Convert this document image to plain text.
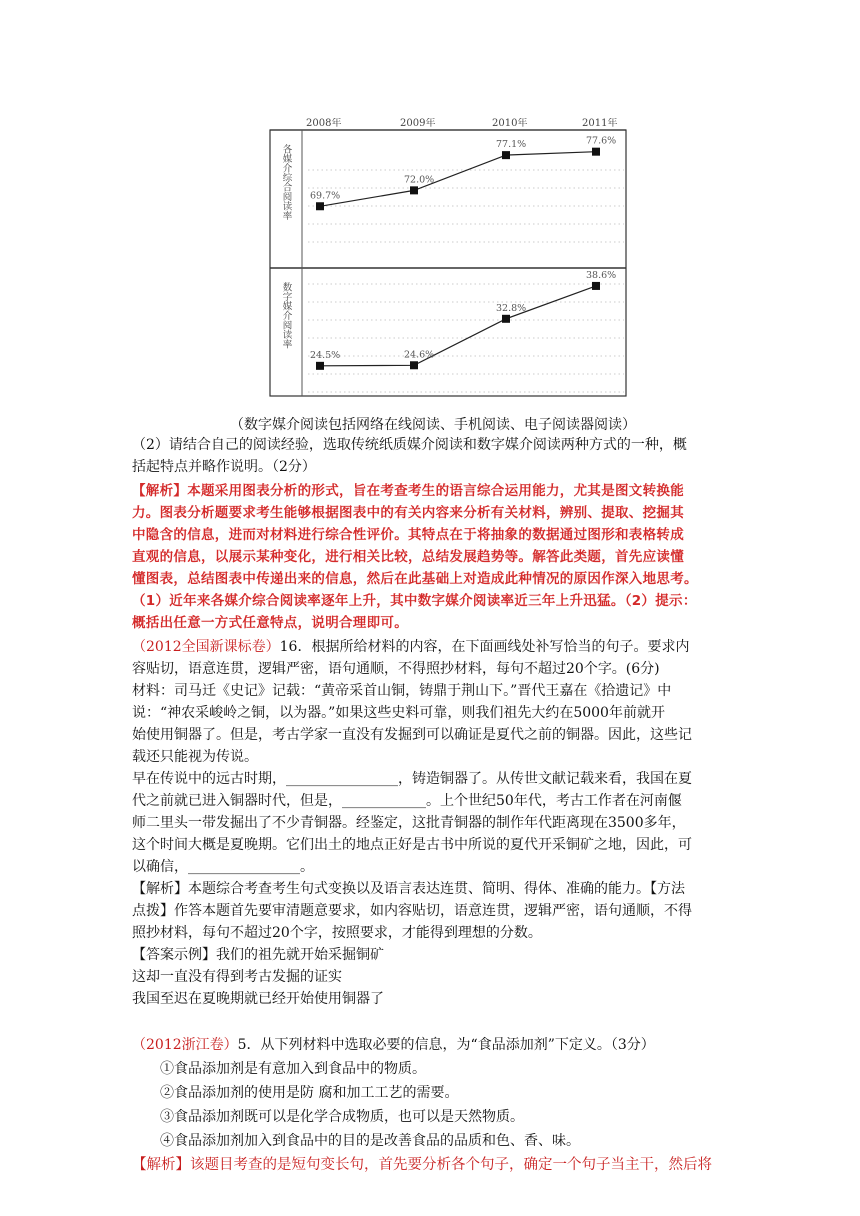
2008年	2009年	2010年	2011年
各媒介综合阅读率
数字媒介阅读率
69.7%
72.0%
77.1%	77.6%
24.5%	24.6%
32.8%
38.6%
（数字媒介阅读包括网络在线阅读、手机阅读、电子阅读器阅读）
（2）请结合自己的阅读经验，选取传统纸质媒介阅读和数字媒介阅读两种方式的一种，概
括起特点并略作说明。（2分）
【解析】本题采用图表分析的形式，旨在考查考生的语言综合运用能力，尤其是图文转换能
力。图表分析题要求考生能够根据图表中的有关内容来分析有关材料，辨别、提取、挖掘其
中隐含的信息，进而对材料进行综合性评价。其特点在于将抽象的数据通过图形和表格转成
直观的信息，以展示某种变化，进行相关比较，总结发展趋势等。解答此类题，首先应读懂
懂图表，总结图表中传递出来的信息，然后在此基础上对造成此种情况的原因作深入地思考。
（1）近年来各媒介综合阅读率逐年上升，其中数字媒介阅读率近三年上升迅猛。（2）提示：
概括出任意一方式任意特点，说明合理即可。
（2012全国新课标卷）16．根据所给材料的内容，在下面画线处补写恰当的句子。要求内
容贴切，语意连贯，逻辑严密，语句通顺，不得照抄材料，每句不超过20个字。(6分)
材料：司马迁《史记》记载：“黄帝采首山铜，铸鼎于荆山下。”晋代王嘉在《拾遗记》中
说：“神农采峻岭之铜，以为器。”如果这些史料可靠，则我们祖先大约在5000年前就开
始使用铜器了。但是，考古学家一直没有发掘到可以确证是夏代之前的铜器。因此，这些记
载还只能视为传说。
早在传说中的远古时期，________________，铸造铜器了。从传世文献记载来看，我国在夏
代之前就已进入铜器时代，但是，____________。上个世纪50年代，考古工作者在河南偃
师二里头一带发掘出了不少青铜器。经鉴定，这批青铜器的制作年代距离现在3500多年，
这个时间大概是夏晚期。它们出土的地点正好是古书中所说的夏代开采铜矿之地，因此，可
以确信，________________。
【解析】本题综合考查考生句式变换以及语言表达连贯、简明、得体、准确的能力。【方法
点拨】作答本题首先要审清题意要求，如内容贴切，语意连贯，逻辑严密，语句通顺，不得
照抄材料，每句不超过20个字，按照要求，才能得到理想的分数。
【答案示例】我们的祖先就开始采掘铜矿
这却一直没有得到考古发掘的证实
我国至迟在夏晚期就已经开始使用铜器了
（2012浙江卷）5．从下列材料中选取必要的信息，为“食品添加剂”下定义。（3分）
①食品添加剂是有意加入到食品中的物质。
②食品添加剂的使用是防 腐和加工工艺的需要。
③食品添加剂既可以是化学合成物质，也可以是天然物质。
④食品添加剂加入到食品中的目的是改善食品的品质和色、香、味。
【解析】该题目考查的是短句变长句，首先要分析各个句子，确定一个句子当主干，然后将
